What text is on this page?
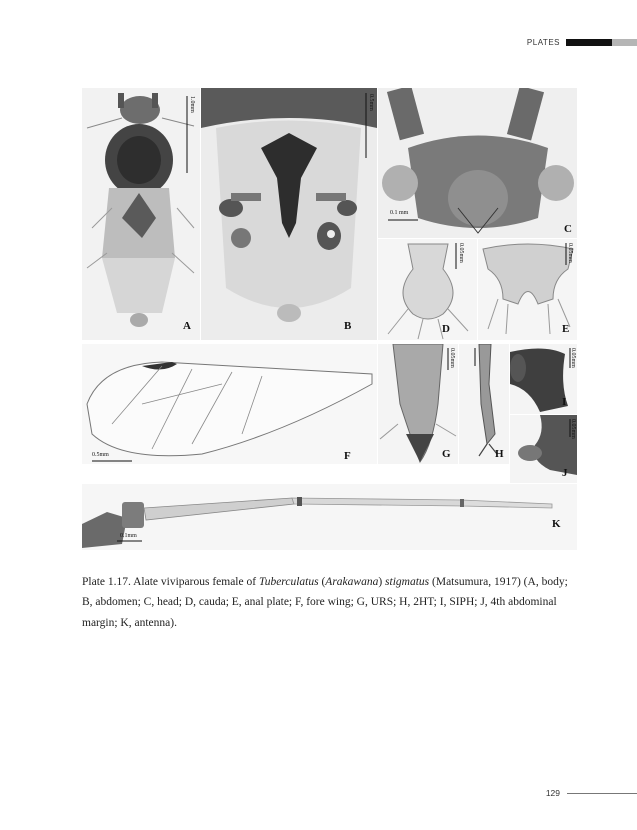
PLATES
1.0mm
A
0.5mm
B
0.1 mm
C
0.05mm
D
0.05mm
E
0.5mm	F
0.05mm
G	H
0.05mm
I
0.05mm
J
0.1mm
K

Plate 1.17. Alate viviparous female of Tuberculatus (Arakawana) stigmatus (Matsumura, 1917) (A, body; B, abdomen; C, head; D, cauda; E, anal plate; F, fore wing; G, URS; H, 2HT; I, SIPH; J, 4th abdominal margin; K, antenna).

129
